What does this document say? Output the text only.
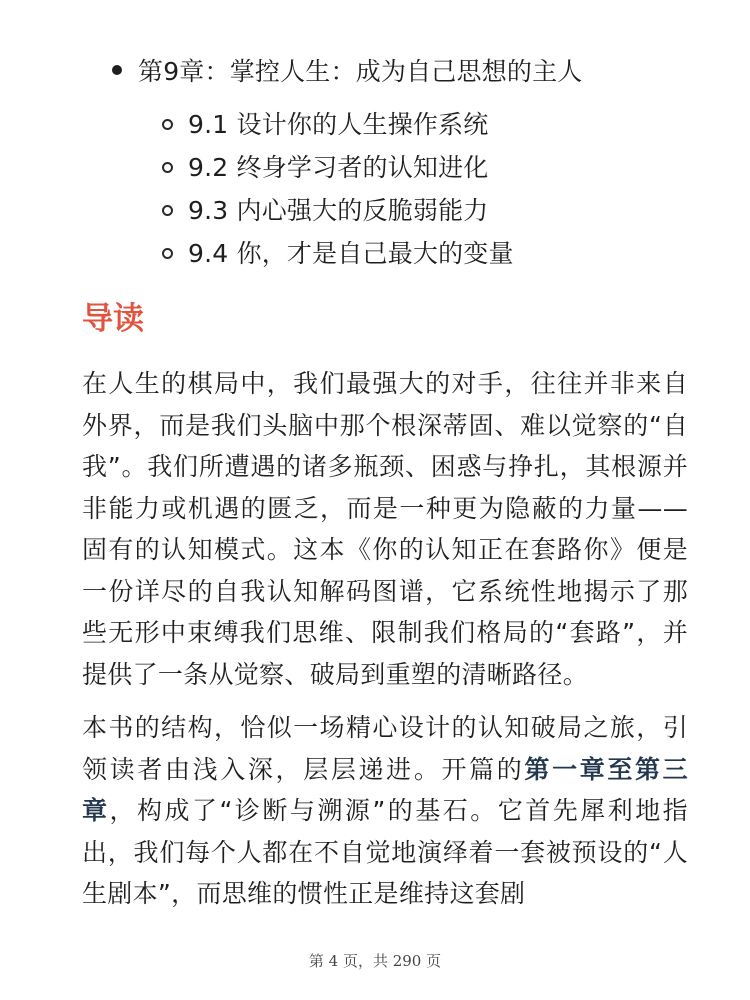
第9章：掌控人生：成为自己思想的主人
9.1 设计你的人生操作系统
9.2 终身学习者的认知进化
9.3 内心强大的反脆弱能力
9.4 你，才是自己最大的变量
导读

在人生的棋局中，我们最强大的对手，往往并非来自外界，而是我们头脑中那个根深蒂固、难以觉察的“自我”。我们所遭遇的诸多瓶颈、困惑与挣扎，其根源并非能力或机遇的匮乏，而是一种更为隐蔽的力量——固有的认知模式。这本《你的认知正在套路你》便是一份详尽的自我认知解码图谱，它系统性地揭示了那些无形中束缚我们思维、限制我们格局的“套路”，并提供了一条从觉察、破局到重塑的清晰路径。

本书的结构，恰似一场精心设计的认知破局之旅，引领读者由浅入深，层层递进。开篇的第一章至第三章，构成了“诊断与溯源”的基石。它首先犀利地指出，我们每个人都在不自觉地演绎着一套被预设的“人生剧本”，而思维的惯性正是维持这套剧

第 4 页，共 290 页
